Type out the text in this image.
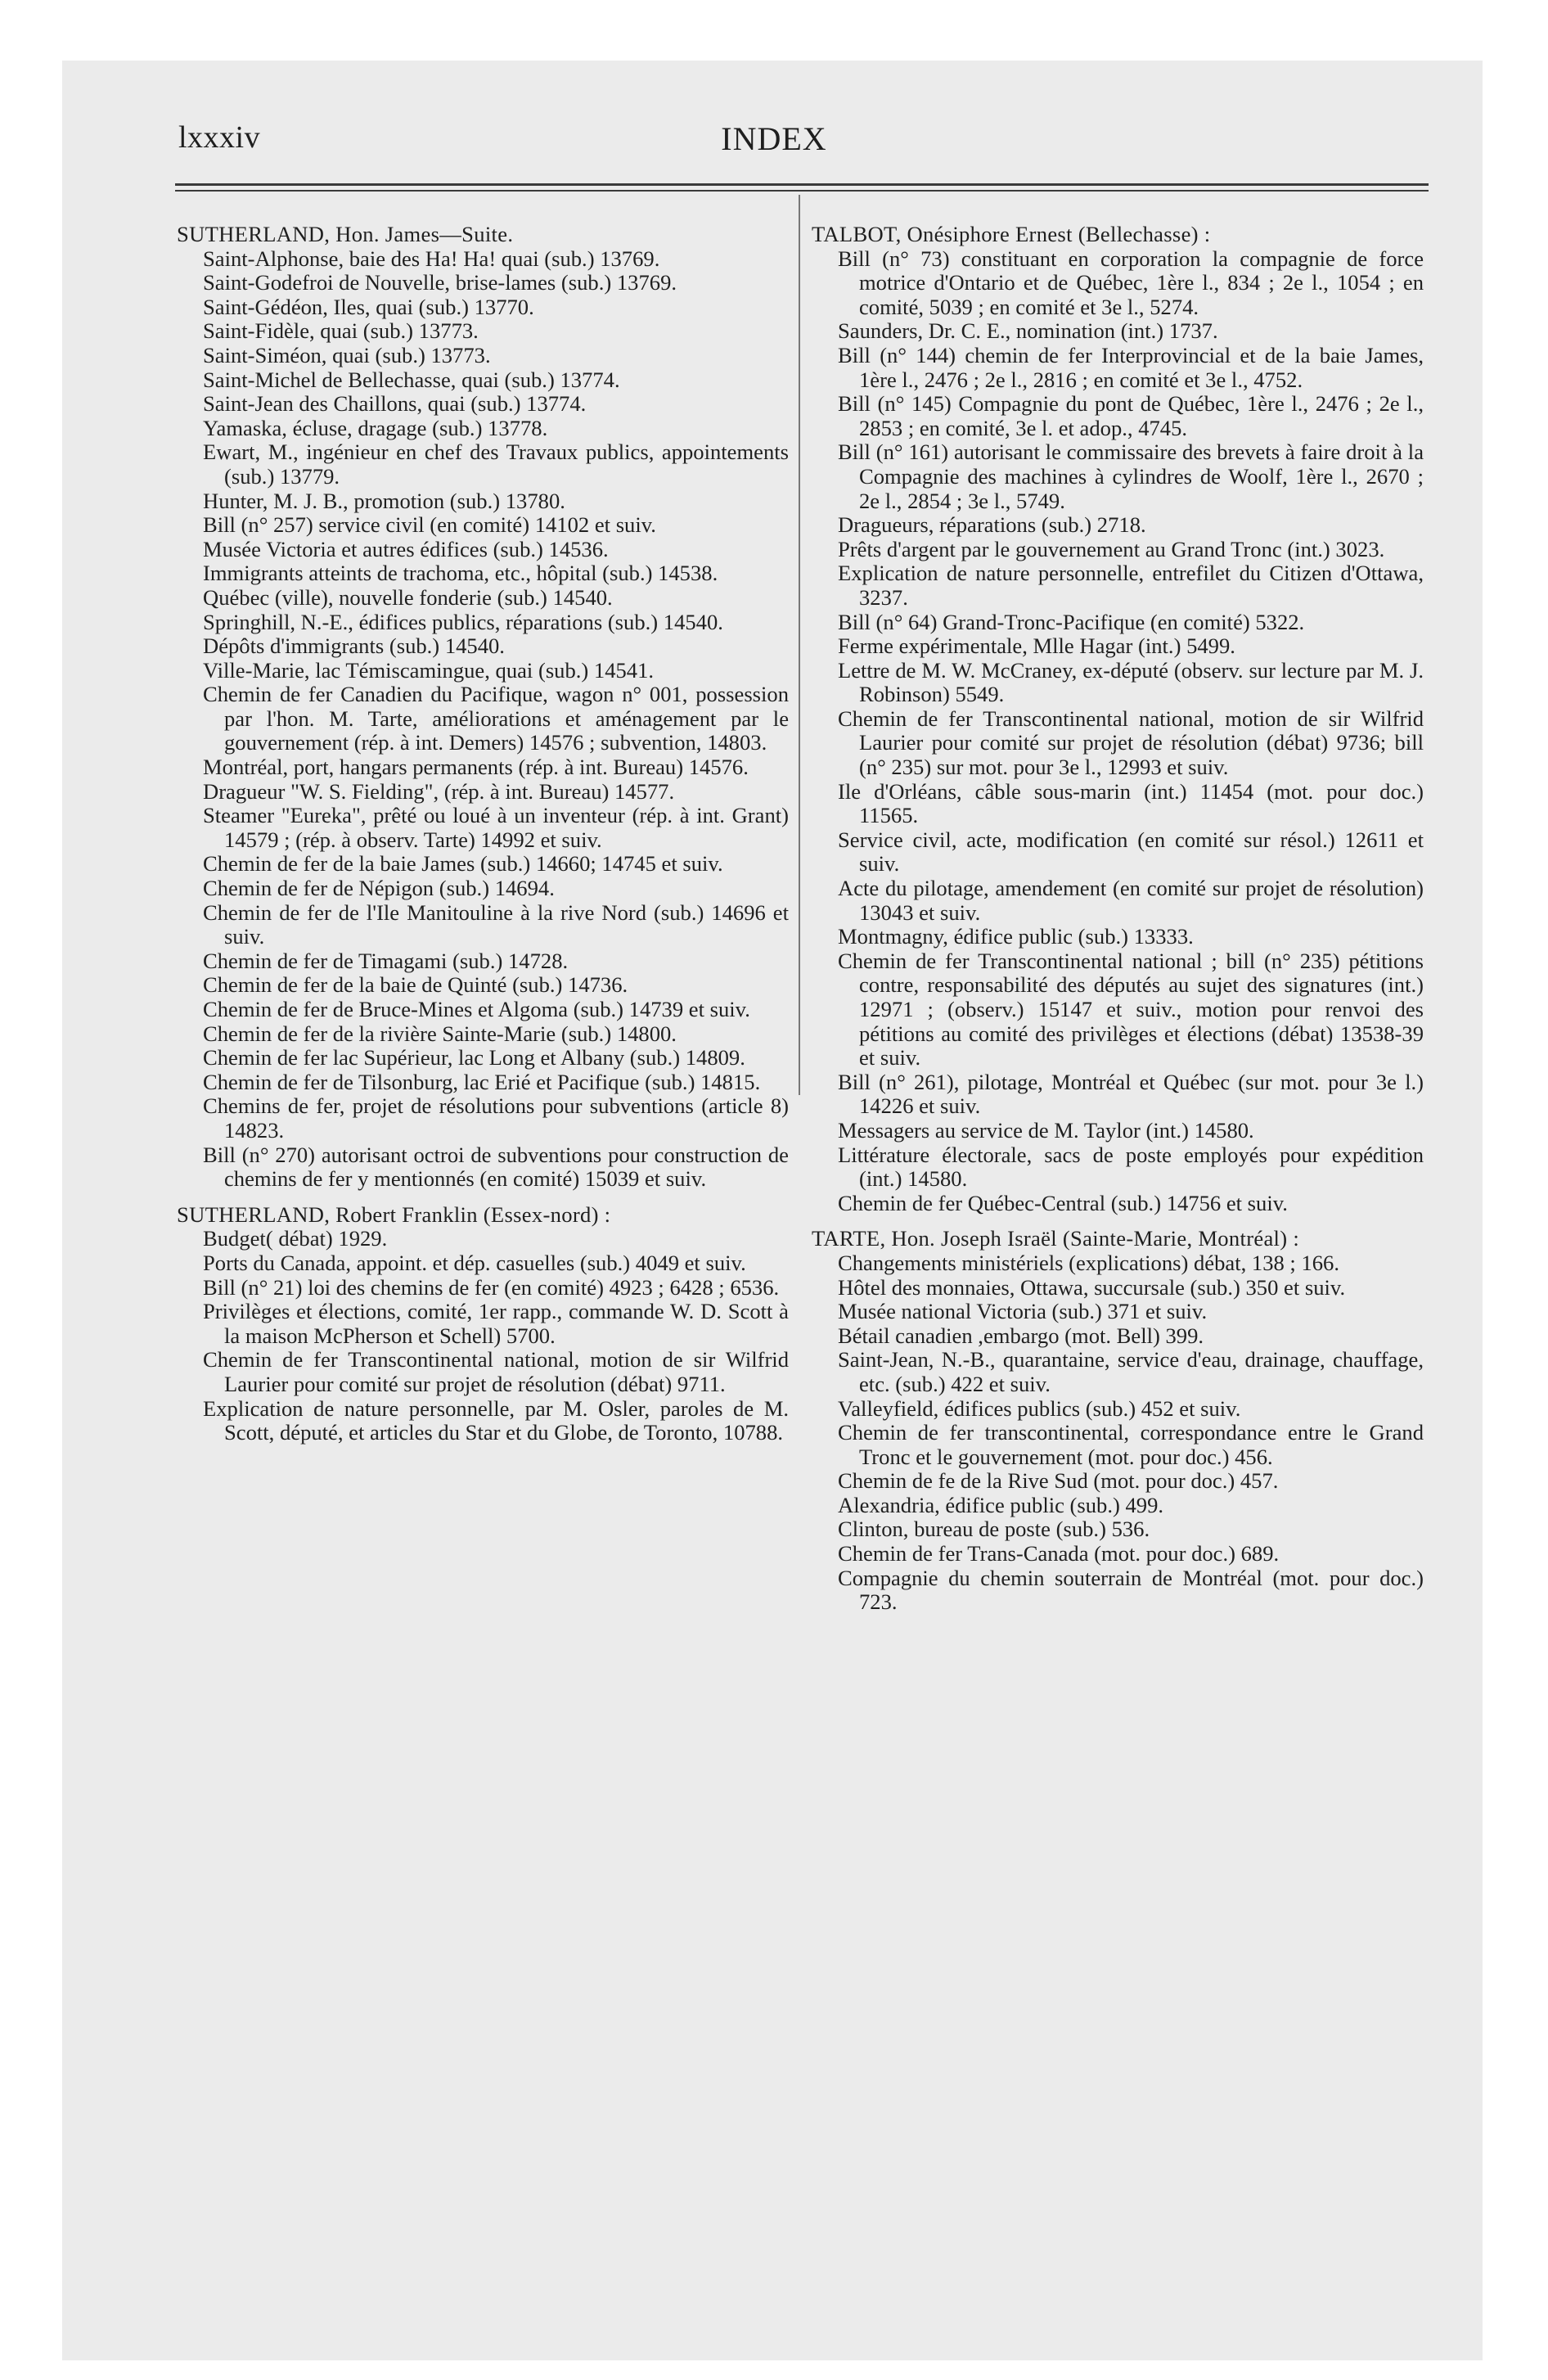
lxxxiv	INDEX
SUTHERLAND, Hon. James—Suite.
Saint-Alphonse, baie des Ha! Ha! quai (sub.) 13769.
Saint-Godefroi de Nouvelle, brise-lames (sub.) 13769.
Saint-Gédéon, Iles, quai (sub.) 13770.
Saint-Fidèle, quai (sub.) 13773.
Saint-Siméon, quai (sub.) 13773.
Saint-Michel de Bellechasse, quai (sub.) 13774.
Saint-Jean des Chaillons, quai (sub.) 13774.
Yamaska, écluse, dragage (sub.) 13778.
Ewart, M., ingénieur en chef des Travaux publics, appointements (sub.) 13779.
Hunter, M. J. B., promotion (sub.) 13780.
Bill (n° 257) service civil (en comité) 14102 et suiv.
Musée Victoria et autres édifices (sub.) 14536.
Immigrants atteints de trachoma, etc., hôpital (sub.) 14538.
Québec (ville), nouvelle fonderie (sub.) 14540.
Springhill, N.-E., édifices publics, réparations (sub.) 14540.
Dépôts d'immigrants (sub.) 14540.
Ville-Marie, lac Témiscamingue, quai (sub.) 14541.
Chemin de fer Canadien du Pacifique, wagon n° 001, possession par l'hon. M. Tarte, améliorations et aménagement par le gouvernement (rép. à int. Demers) 14576 ; subvention, 14803.
Montréal, port, hangars permanents (rép. à int. Bureau) 14576.
Dragueur "W. S. Fielding", (rép. à int. Bureau) 14577.
Steamer "Eureka", prêté ou loué à un inventeur (rép. à int. Grant) 14579 ; (rép. à observ. Tarte) 14992 et suiv.
Chemin de fer de la baie James (sub.) 14660; 14745 et suiv.
Chemin de fer de Népigon (sub.) 14694.
Chemin de fer de l'Ile Manitouline à la rive Nord (sub.) 14696 et suiv.
Chemin de fer de Timagami (sub.) 14728.
Chemin de fer de la baie de Quinté (sub.) 14736.
Chemin de fer de Bruce-Mines et Algoma (sub.) 14739 et suiv.
Chemin de fer de la rivière Sainte-Marie (sub.) 14800.
Chemin de fer lac Supérieur, lac Long et Albany (sub.) 14809.
Chemin de fer de Tilsonburg, lac Erié et Pacifique (sub.) 14815.
Chemins de fer, projet de résolutions pour subventions (article 8) 14823.
Bill (n° 270) autorisant octroi de subventions pour construction de chemins de fer y mentionnés (en comité) 15039 et suiv.
SUTHERLAND, Robert Franklin (Essex-nord) :
Budget( débat) 1929.
Ports du Canada, appoint. et dép. casuelles (sub.) 4049 et suiv.
Bill (n° 21) loi des chemins de fer (en comité) 4923 ; 6428 ; 6536.
Privilèges et élections, comité, 1er rapp., commande W. D. Scott à la maison McPherson et Schell) 5700.
Chemin de fer Transcontinental national, motion de sir Wilfrid Laurier pour comité sur projet de résolution (débat) 9711.
Explication de nature personnelle, par M. Osler, paroles de M. Scott, député, et articles du Star et du Globe, de Toronto, 10788.
TALBOT, Onésiphore Ernest (Bellechasse) :
Bill (n° 73) constituant en corporation la compagnie de force motrice d'Ontario et de Québec, 1ère l., 834 ; 2e l., 1054 ; en comité, 5039 ; en comité et 3e l., 5274.
Saunders, Dr. C. E., nomination (int.) 1737.
Bill (n° 144) chemin de fer Interprovincial et de la baie James, 1ère l., 2476 ; 2e l., 2816 ; en comité et 3e l., 4752.
Bill (n° 145) Compagnie du pont de Québec, 1ère l., 2476 ; 2e l., 2853 ; en comité, 3e l. et adop., 4745.
Bill (n° 161) autorisant le commissaire des brevets à faire droit à la Compagnie des machines à cylindres de Woolf, 1ère l., 2670 ; 2e l., 2854 ; 3e l., 5749.
Dragueurs, réparations (sub.) 2718.
Prêts d'argent par le gouvernement au Grand Tronc (int.) 3023.
Explication de nature personnelle, entrefilet du Citizen d'Ottawa, 3237.
Bill (n° 64) Grand-Tronc-Pacifique (en comité) 5322.
Ferme expérimentale, Mlle Hagar (int.) 5499.
Lettre de M. W. McCraney, ex-député (observ. sur lecture par M. J. Robinson) 5549.
Chemin de fer Transcontinental national, motion de sir Wilfrid Laurier pour comité sur projet de résolution (débat) 9736; bill (n° 235) sur mot. pour 3e l., 12993 et suiv.
Ile d'Orléans, câble sous-marin (int.) 11454 (mot. pour doc.) 11565.
Service civil, acte, modification (en comité sur résol.) 12611 et suiv.
Acte du pilotage, amendement (en comité sur projet de résolution) 13043 et suiv.
Montmagny, édifice public (sub.) 13333.
Chemin de fer Transcontinental national ; bill (n° 235) pétitions contre, responsabilité des députés au sujet des signatures (int.) 12971 ; (observ.) 15147 et suiv., motion pour renvoi des pétitions au comité des privilèges et élections (débat) 13538-39 et suiv.
Bill (n° 261), pilotage, Montréal et Québec (sur mot. pour 3e l.) 14226 et suiv.
Messagers au service de M. Taylor (int.) 14580.
Littérature électorale, sacs de poste employés pour expédition (int.) 14580.
Chemin de fer Québec-Central (sub.) 14756 et suiv.
TARTE, Hon. Joseph Israël (Sainte-Marie, Montréal) :
Changements ministériels (explications) débat, 138 ; 166.
Hôtel des monnaies, Ottawa, succursale (sub.) 350 et suiv.
Musée national Victoria (sub.) 371 et suiv.
Bétail canadien ,embargo (mot. Bell) 399.
Saint-Jean, N.-B., quarantaine, service d'eau, drainage, chauffage, etc. (sub.) 422 et suiv.
Valleyfield, édifices publics (sub.) 452 et suiv.
Chemin de fer transcontinental, correspondance entre le Grand Tronc et le gouvernement (mot. pour doc.) 456.
Chemin de fe de la Rive Sud (mot. pour doc.) 457.
Alexandria, édifice public (sub.) 499.
Clinton, bureau de poste (sub.) 536.
Chemin de fer Trans-Canada (mot. pour doc.) 689.
Compagnie du chemin souterrain de Montréal (mot. pour doc.) 723.
